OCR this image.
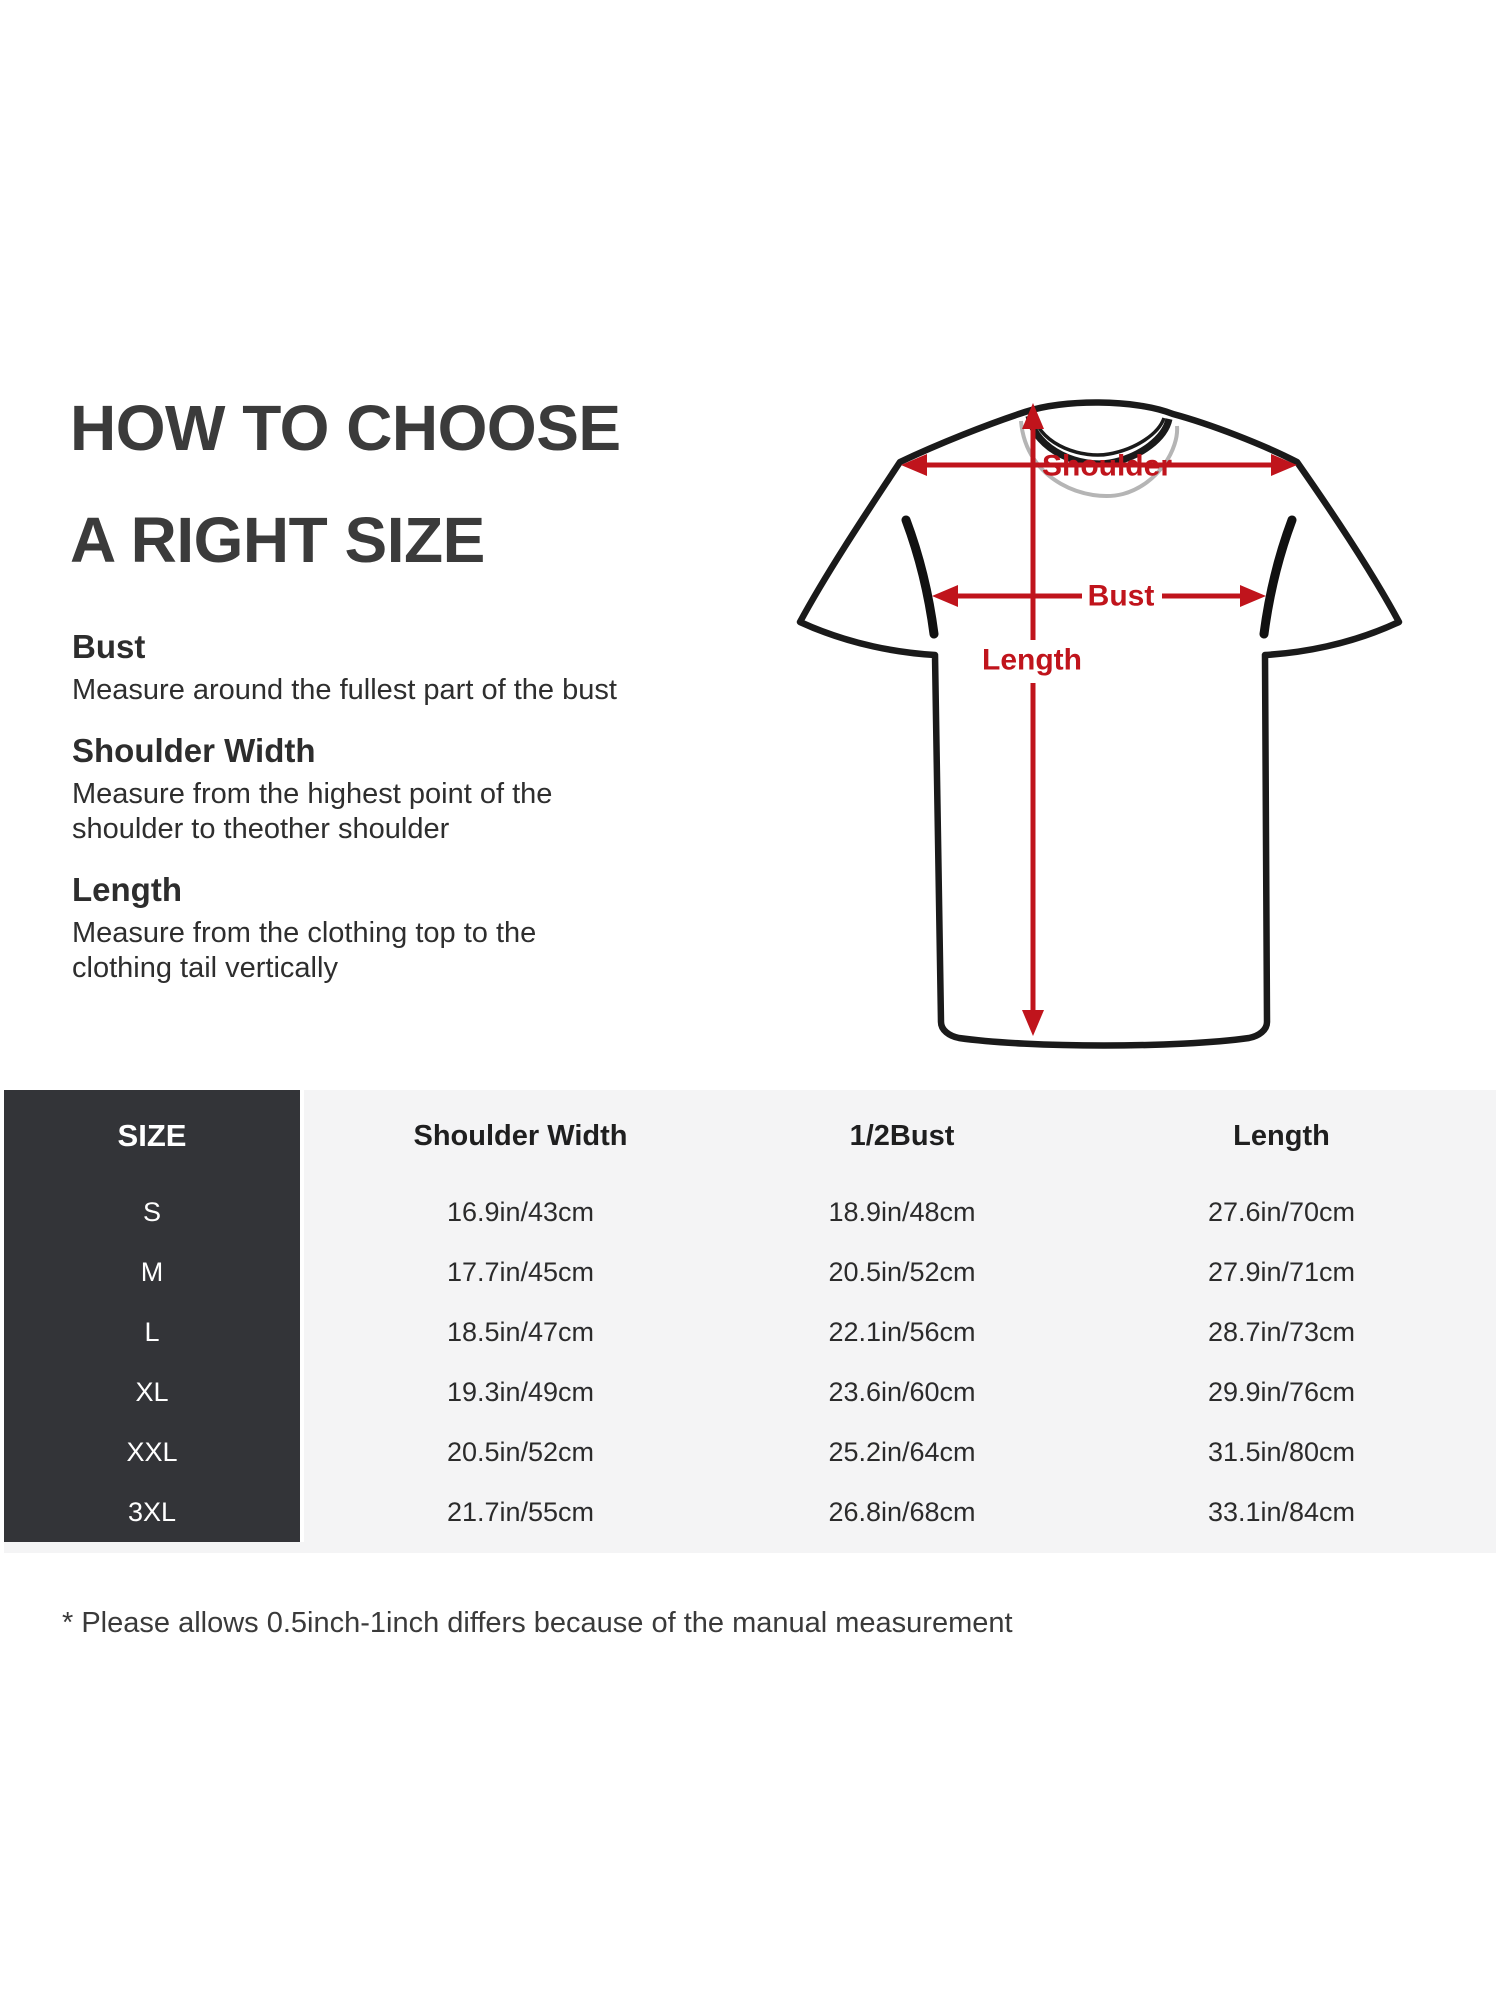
HOW TO CHOOSE
A RIGHT SIZE
Bust

Measure around the fullest part of the bust

Shoulder Width

Measure from the highest point of the

shoulder to theother shoulder

Length

Measure from the clothing top to the

clothing tail vertically

Shoulder
Bust
Length
SIZE	Shoulder Width	1/2Bust	Length
S	16.9in/43cm	18.9in/48cm	27.6in/70cm
M	17.7in/45cm	20.5in/52cm	27.9in/71cm
L	18.5in/47cm	22.1in/56cm	28.7in/73cm
XL	19.3in/49cm	23.6in/60cm	29.9in/76cm
XXL	20.5in/52cm	25.2in/64cm	31.5in/80cm
3XL	21.7in/55cm	26.8in/68cm	33.1in/84cm
* Please allows 0.5inch-1inch differs because of the manual measurement
